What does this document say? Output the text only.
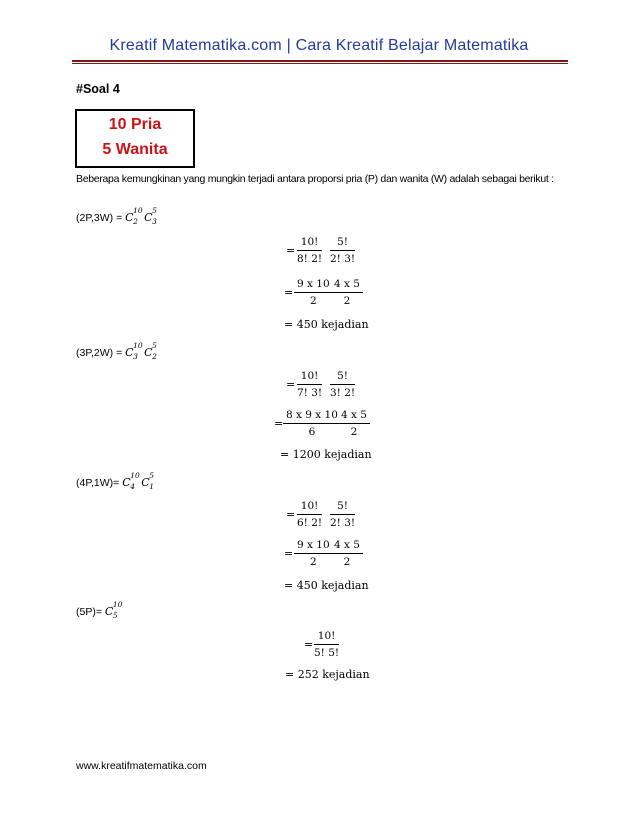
Kreatif Matematika.com | Cara Kreatif Belajar Matematika
#Soal 4
10 Pria
5 Wanita
Beberapa kemungkinan yang mungkin terjadi antara proporsi pria (P) dan wanita (W) adalah sebagai berikut :
(2P,3W) = C
10
2 C
5
3
= $\frac{10!}{8! 2!} \frac{5!}{2! 3!}$
= $\frac{9 x 10}{2}$
$\frac{4 x 5}{2}$
= 450 kejadian
(3P,2W) = C
10
3 C
5
2
= $\frac{10!}{7! 3!} \frac{5!}{3! 2!}$
= $\frac{8 x 9 x 10}{6}$
$\frac{4 x 5}{2}$
= 1200 kejadian
(4P,1W)= C
10
4 C
5
1
= $\frac{10!}{6! 2!} \frac{5!}{2! 3!}$
= $\frac{9 x 10}{2}$
$\frac{4 x 5}{2}$
= 450 kejadian
(5P)= C
10
5
= $\frac{10!}{5! 5!}$
= 252 kejadian
www.kreatifmatematika.com
